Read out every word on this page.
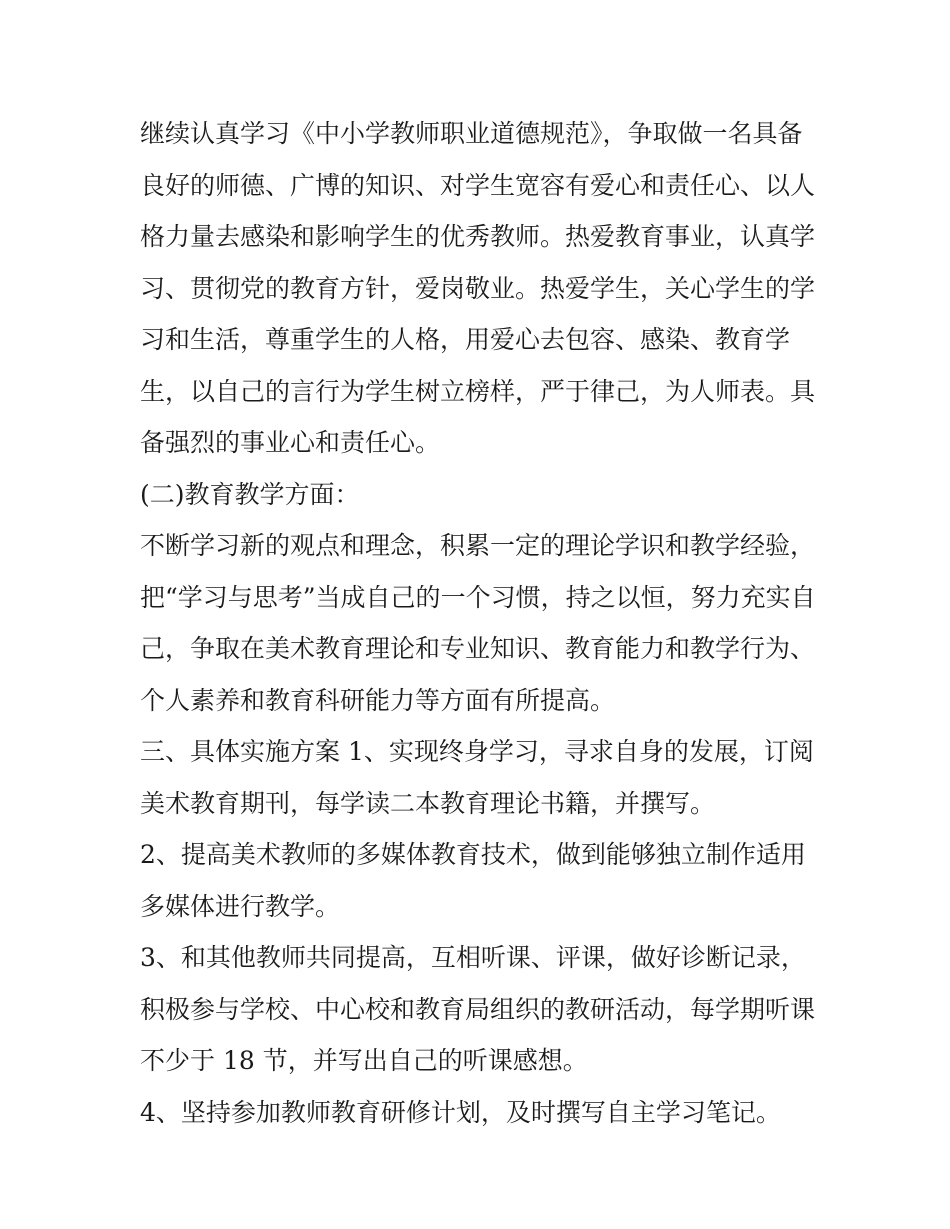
继续认真学习《中小学教师职业道德规范》，争取做一名具备
良好的师德、广博的知识、对学生宽容有爱心和责任心、以人
格力量去感染和影响学生的优秀教师。热爱教育事业，认真学
习、贯彻党的教育方针，爱岗敬业。热爱学生，关心学生的学
习和生活，尊重学生的人格，用爱心去包容、感染、教育学
生，以自己的言行为学生树立榜样，严于律己，为人师表。具
备强烈的事业心和责任心。
(二)教育教学方面：
不断学习新的观点和理念，积累一定的理论学识和教学经验，
把“学习与思考”当成自己的一个习惯，持之以恒，努力充实自
己，争取在美术教育理论和专业知识、教育能力和教学行为、
个人素养和教育科研能力等方面有所提高。
三、具体实施方案 1、实现终身学习，寻求自身的发展，订阅
美术教育期刊，每学读二本教育理论书籍，并撰写。
2、提高美术教师的多媒体教育技术，做到能够独立制作适用
多媒体进行教学。
3、和其他教师共同提高，互相听课、评课，做好诊断记录，
积极参与学校、中心校和教育局组织的教研活动，每学期听课
不少于 18 节，并写出自己的听课感想。
4、坚持参加教师教育研修计划，及时撰写自主学习笔记。
